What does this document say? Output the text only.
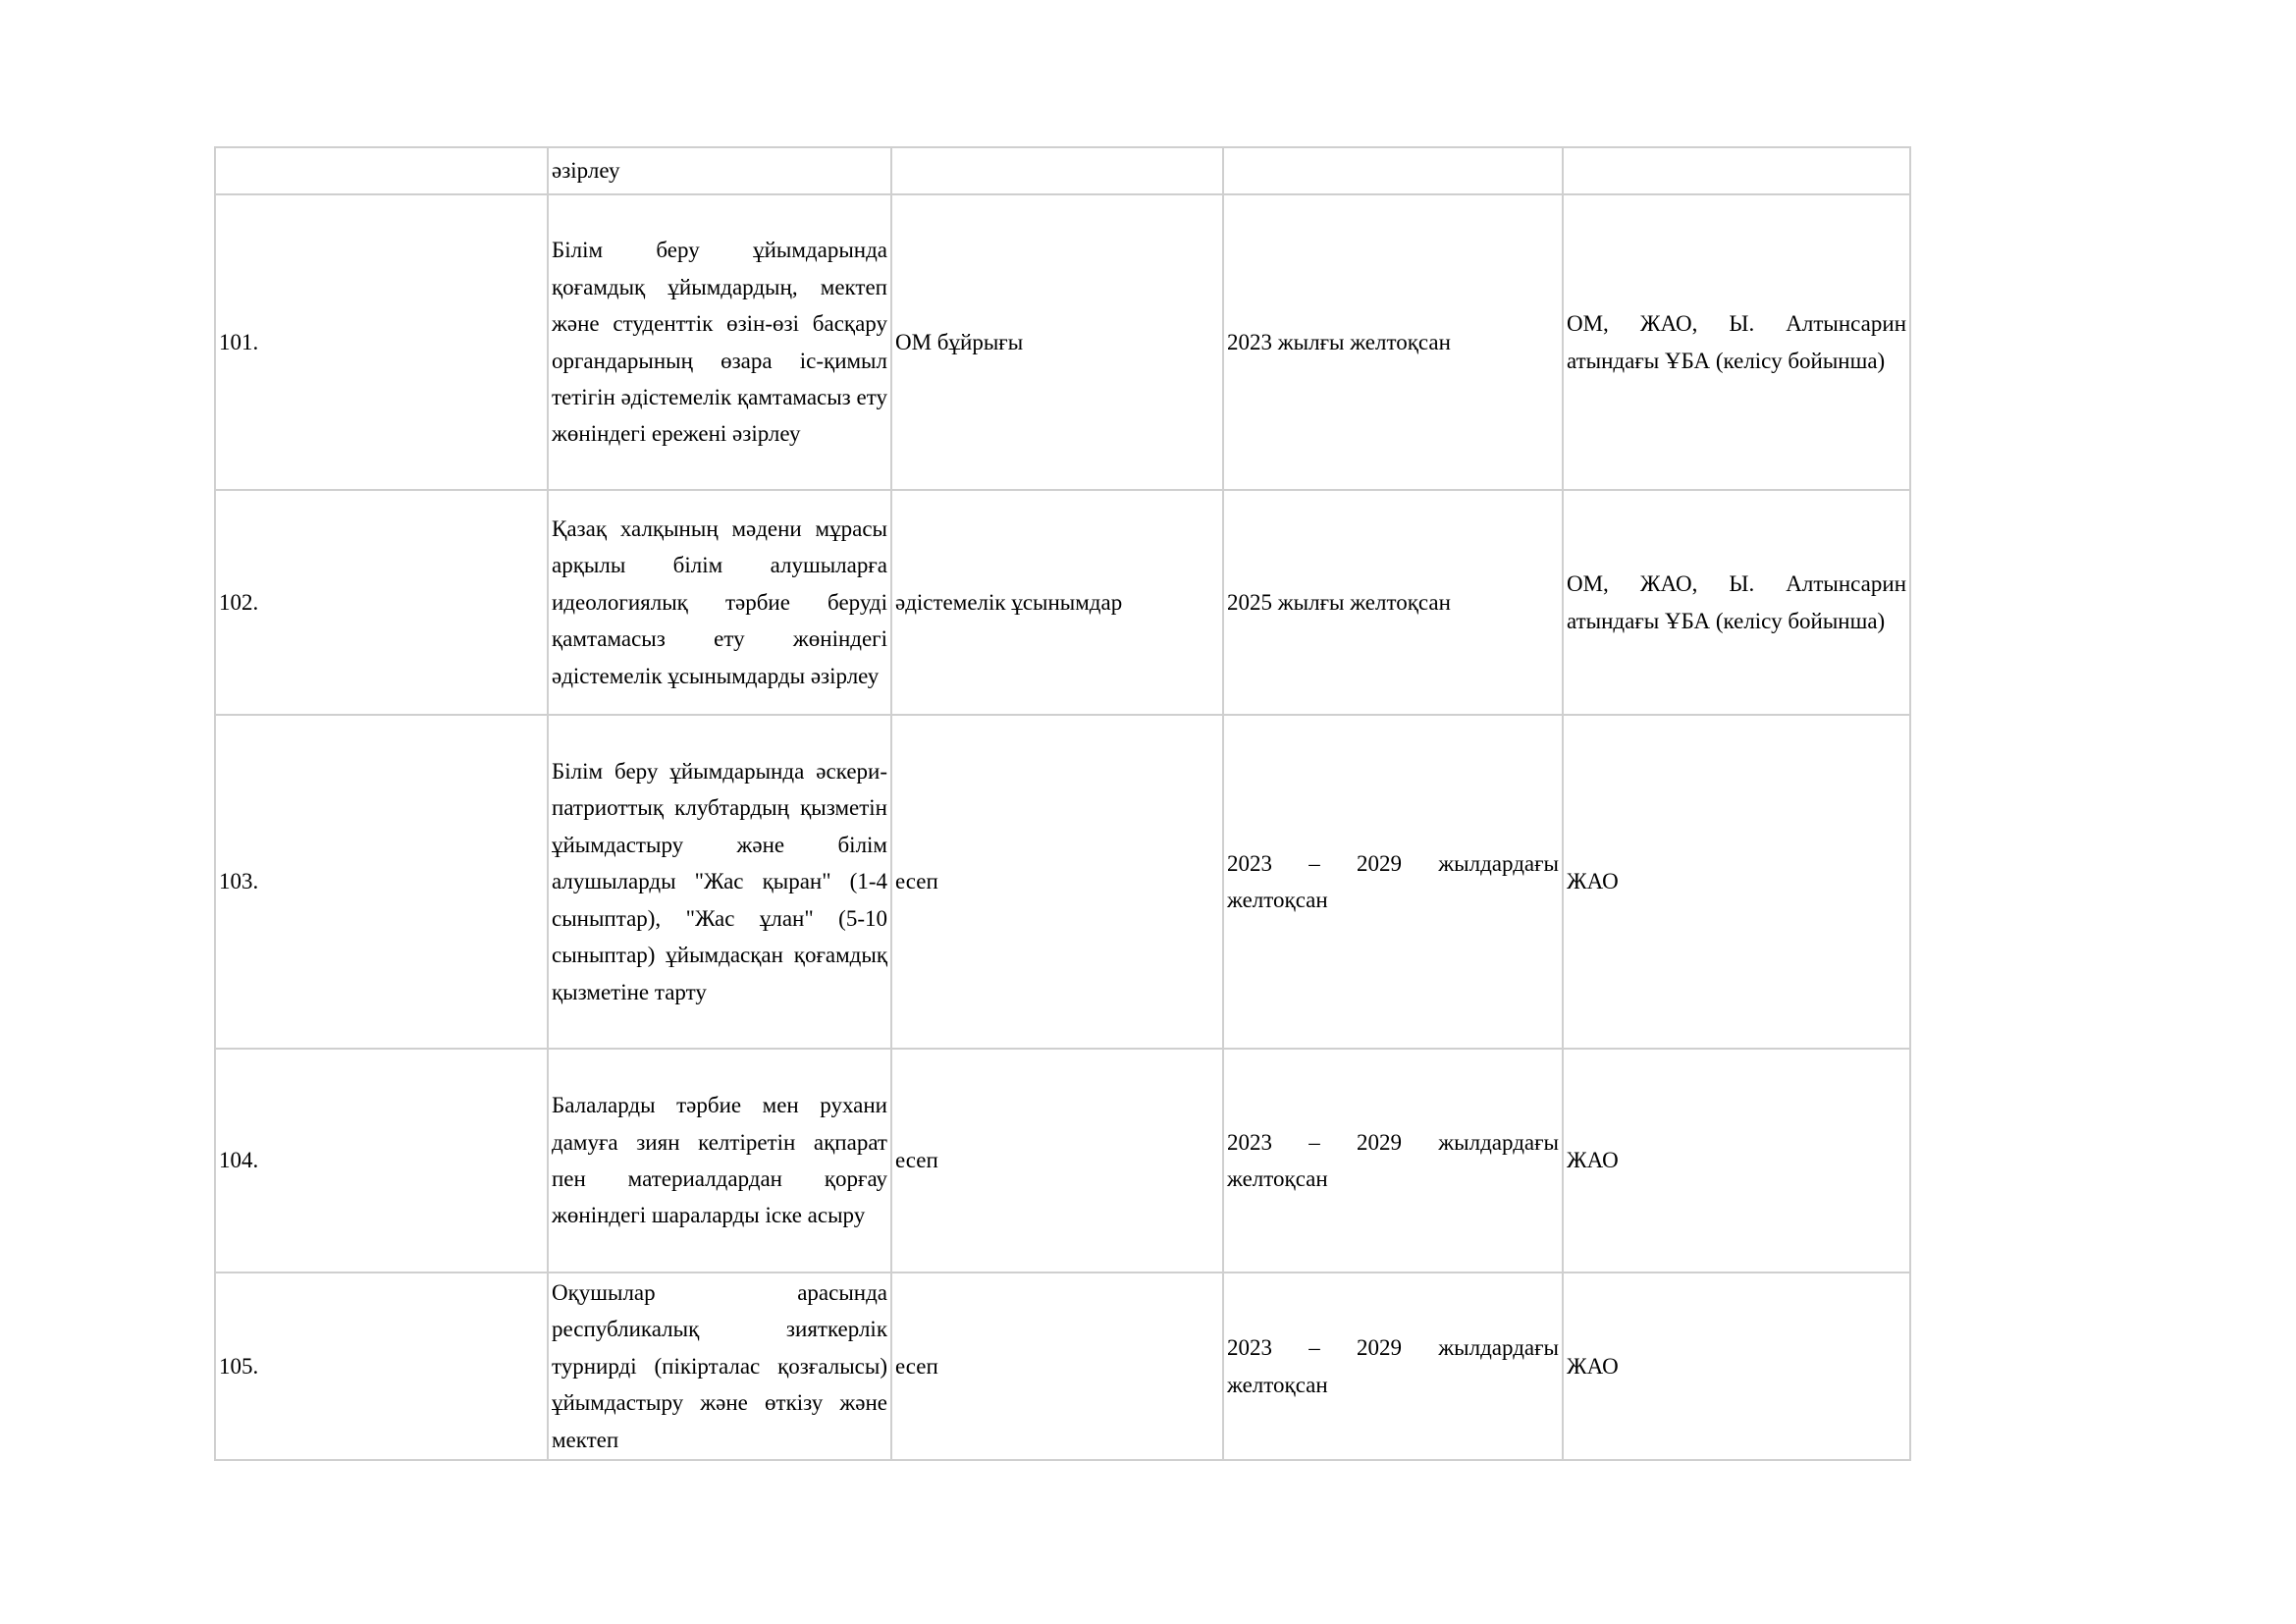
	әзірлеу			
101.	Білім беру ұйымдарында қоғамдық ұйымдардың, мектеп және студенттік өзін-өзі басқару органдарының өзара іс-қимыл тетігін әдістемелік қамтамасыз ету жөніндегі ережені әзірлеу	ОМ бұйрығы	2023 жылғы желтоқсан	ОМ, ЖАО, Ы. Алтынсарин атындағы ҰБА (келісу бойынша)
102.	Қазақ халқының мәдени мұрасы арқылы білім алушыларға идеологиялық тәрбие беруді қамтамасыз ету жөніндегі әдістемелік ұсынымдарды әзірлеу	әдістемелік ұсынымдар	2025 жылғы желтоқсан	ОМ, ЖАО, Ы. Алтынсарин атындағы ҰБА (келісу бойынша)
103.	Білім беру ұйымдарында әскери-патриоттық клубтардың қызметін ұйымдастыру және білім алушыларды "Жас қыран" (1-4 сыныптар), "Жас ұлан" (5-10 сыныптар) ұйымдасқан қоғамдық қызметіне тарту	есеп	2023 – 2029 жылдардағы желтоқсан	ЖАО
104.	Балаларды тәрбие мен рухани дамуға зиян келтіретін ақпарат пен материалдардан қорғау жөніндегі шараларды іске асыру	есеп	2023 – 2029 жылдардағы желтоқсан	ЖАО
105.	Оқушылар арасында республикалық зияткерлік турнирді (пікірталас қозғалысы) ұйымдастыру және өткізу және мектеп	есеп	2023 – 2029 жылдардағы желтоқсан	ЖАО
